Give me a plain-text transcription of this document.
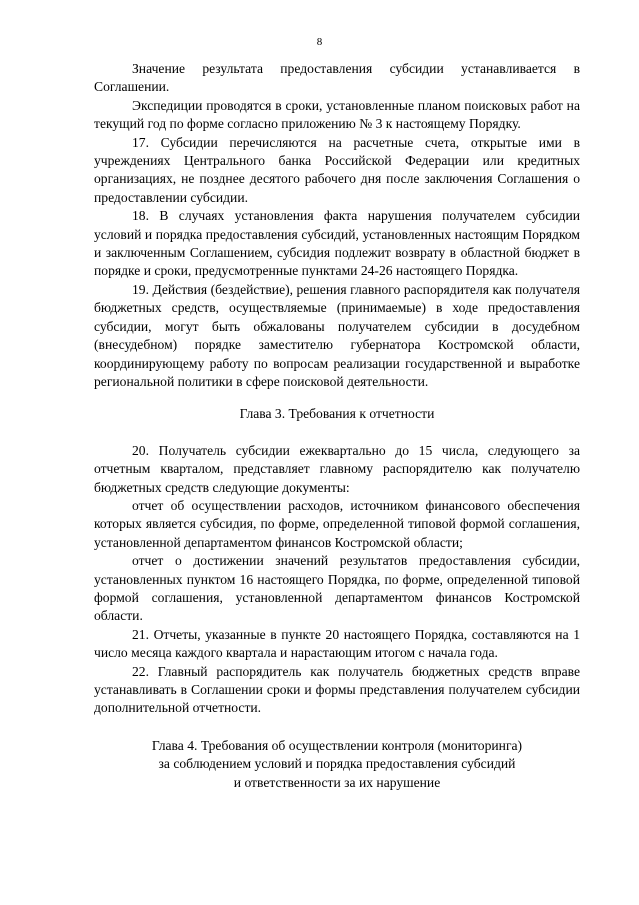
8

Значение результата предоставления субсидии устанавливается в Соглашении.

Экспедиции проводятся в сроки, установленные планом поисковых работ на текущий год по форме согласно приложению № 3 к настоящему Порядку.

17. Субсидии перечисляются на расчетные счета, открытые ими в учреждениях Центрального банка Российской Федерации или кредитных организациях, не позднее десятого рабочего дня после заключения Соглашения о предоставлении субсидии.

18. В случаях установления факта нарушения получателем субсидии условий и порядка предоставления субсидий, установленных настоящим Порядком и заключенным Соглашением, субсидия подлежит возврату в областной бюджет в порядке и сроки, предусмотренные пунктами 24-26 настоящего Порядка.

19. Действия (бездействие), решения главного распорядителя как получателя бюджетных средств, осуществляемые (принимаемые) в ходе предоставления субсидии, могут быть обжалованы получателем субсидии в досудебном (внесудебном) порядке заместителю губернатора Костромской области, координирующему работу по вопросам реализации государственной и выработке региональной политики в сфере поисковой деятельности.

Глава 3. Требования к отчетности

20. Получатель субсидии ежеквартально до 15 числа, следующего за отчетным кварталом, представляет главному распорядителю как получателю бюджетных средств следующие документы:

отчет об осуществлении расходов, источником финансового обеспечения которых является субсидия, по форме, определенной типовой формой соглашения, установленной департаментом финансов Костромской области;

отчет о достижении значений результатов предоставления субсидии, установленных пунктом 16 настоящего Порядка, по форме, определенной типовой формой соглашения, установленной департаментом финансов Костромской области.

21. Отчеты, указанные в пункте 20 настоящего Порядка, составляются на 1 число месяца каждого квартала и нарастающим итогом с начала года.

22. Главный распорядитель как получатель бюджетных средств вправе устанавливать в Соглашении сроки и формы представления получателем субсидии дополнительной отчетности.

Глава 4. Требования об осуществлении контроля (мониторинга)
за соблюдением условий и порядка предоставления субсидий
и ответственности за их нарушение
